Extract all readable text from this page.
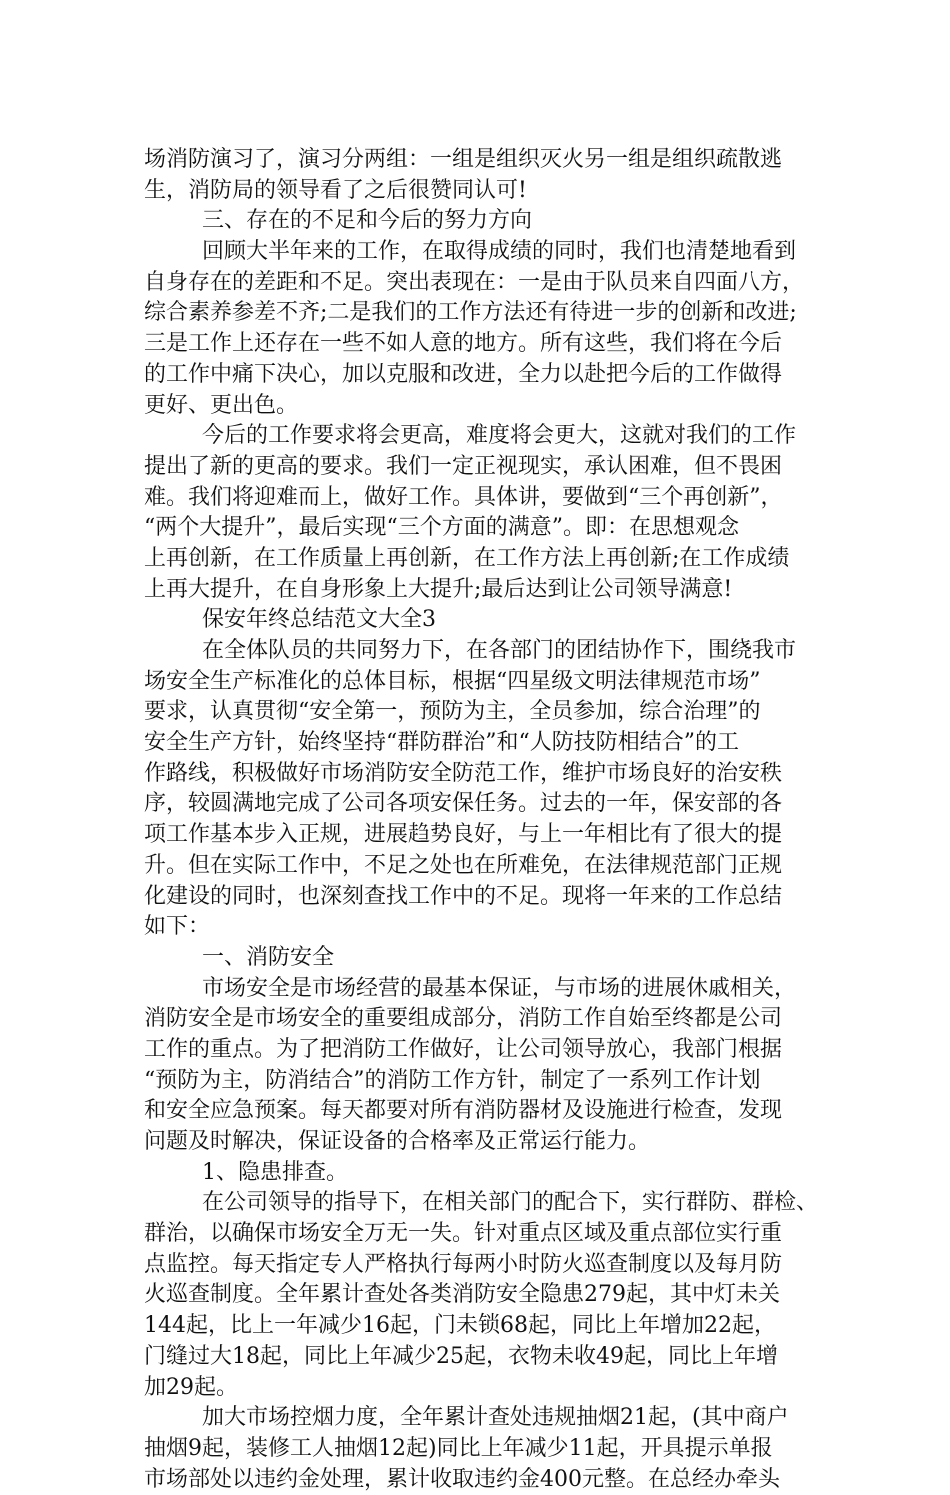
场消防演习了，演习分两组：一组是组织灭火另一组是组织疏散逃
生，消防局的领导看了之后很赞同认可!
三、存在的不足和今后的努力方向
回顾大半年来的工作，在取得成绩的同时，我们也清楚地看到
自身存在的差距和不足。突出表现在：一是由于队员来自四面八方，
综合素养参差不齐;二是我们的工作方法还有待进一步的创新和改进;
三是工作上还存在一些不如人意的地方。所有这些，我们将在今后
的工作中痛下决心，加以克服和改进，全力以赴把今后的工作做得
更好、更出色。
今后的工作要求将会更高，难度将会更大，这就对我们的工作
提出了新的更高的要求。我们一定正视现实，承认困难，但不畏困
难。我们将迎难而上，做好工作。具体讲，要做到“三个再创新”，
“两个大提升”，最后实现“三个方面的满意”。即：在思想观念
上再创新，在工作质量上再创新，在工作方法上再创新;在工作成绩
上再大提升，在自身形象上大提升;最后达到让公司领导满意!
保安年终总结范文大全3
在全体队员的共同努力下，在各部门的团结协作下，围绕我市
场安全生产标准化的总体目标，根据“四星级文明法律规范市场”
要求，认真贯彻“安全第一，预防为主，全员参加，综合治理”的
安全生产方针，始终坚持“群防群治”和“人防技防相结合”的工
作路线，积极做好市场消防安全防范工作，维护市场良好的治安秩
序，较圆满地完成了公司各项安保任务。过去的一年，保安部的各
项工作基本步入正规，进展趋势良好，与上一年相比有了很大的提
升。但在实际工作中，不足之处也在所难免，在法律规范部门正规
化建设的同时，也深刻查找工作中的不足。现将一年来的工作总结
如下：
一、消防安全
市场安全是市场经营的最基本保证，与市场的进展休戚相关，
消防安全是市场安全的重要组成部分，消防工作自始至终都是公司
工作的重点。为了把消防工作做好，让公司领导放心，我部门根据
“预防为主，防消结合”的消防工作方针，制定了一系列工作计划
和安全应急预案。每天都要对所有消防器材及设施进行检查，发现
问题及时解决，保证设备的合格率及正常运行能力。
1、隐患排查。
在公司领导的指导下，在相关部门的配合下，实行群防、群检、
群治，以确保市场安全万无一失。针对重点区域及重点部位实行重
点监控。每天指定专人严格执行每两小时防火巡查制度以及每月防
火巡查制度。全年累计查处各类消防安全隐患279起，其中灯未关
144起，比上一年减少16起，门未锁68起，同比上年增加22起，
门缝过大18起，同比上年减少25起，衣物未收49起，同比上年增
加29起。
加大市场控烟力度，全年累计查处违规抽烟21起，(其中商户
抽烟9起，装修工人抽烟12起)同比上年减少11起，开具提示单报
市场部处以违约金处理，累计收取违约金400元整。在总经办牵头
